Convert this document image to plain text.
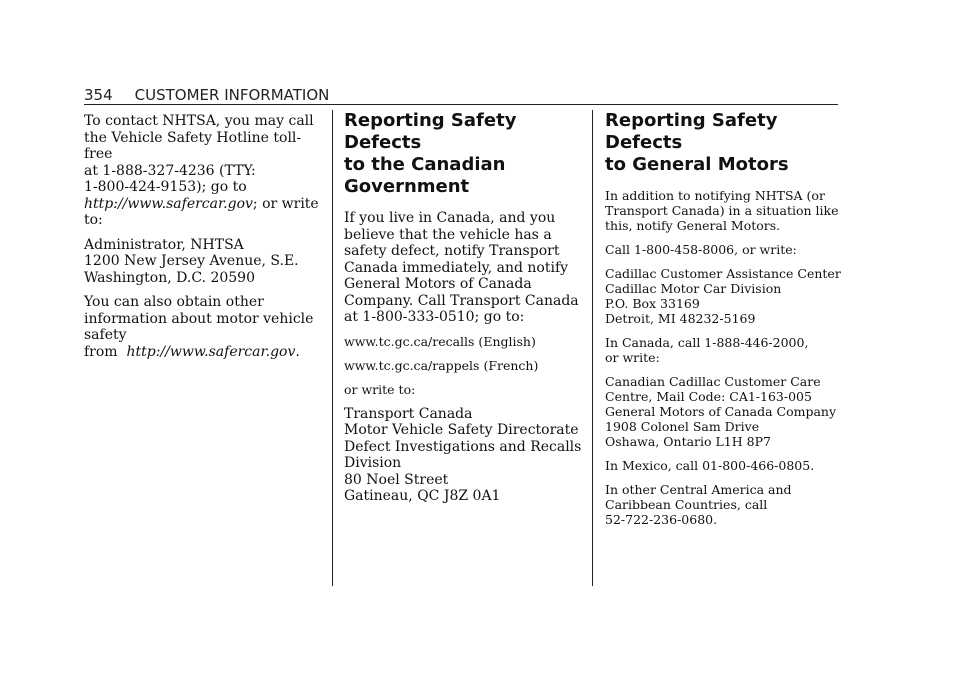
354 CUSTOMER INFORMATION

To contact NHTSA, you may call
the Vehicle Safety Hotline toll-free
at 1-888-327-4236 (TTY:
1-800-424-9153); go to
http://www.safercar.gov; or write to:

Administrator, NHTSA
1200 New Jersey Avenue, S.E.
Washington, D.C. 20590

You can also obtain other
information about motor vehicle
safety from http://www.safercar.gov.

Reporting Safety Defects
to the Canadian
Government

If you live in Canada, and you
believe that the vehicle has a
safety defect, notify Transport
Canada immediately, and notify
General Motors of Canada
Company. Call Transport Canada
at 1-800-333-0510; go to:

www.tc.gc.ca/recalls (English)

www.tc.gc.ca/rappels (French)

or write to:

Transport Canada
Motor Vehicle Safety Directorate
Defect Investigations and Recalls
Division
80 Noel Street
Gatineau, QC J8Z 0A1

Reporting Safety Defects
to General Motors

In addition to notifying NHTSA (or
Transport Canada) in a situation like
this, notify General Motors.

Call 1-800-458-8006, or write:

Cadillac Customer Assistance Center
Cadillac Motor Car Division
P.O. Box 33169
Detroit, MI 48232-5169

In Canada, call 1-888-446-2000,
or write:

Canadian Cadillac Customer Care
Centre, Mail Code: CA1-163-005
General Motors of Canada Company
1908 Colonel Sam Drive
Oshawa, Ontario L1H 8P7

In Mexico, call 01-800-466-0805.

In other Central America and
Caribbean Countries, call
52-722-236-0680.
